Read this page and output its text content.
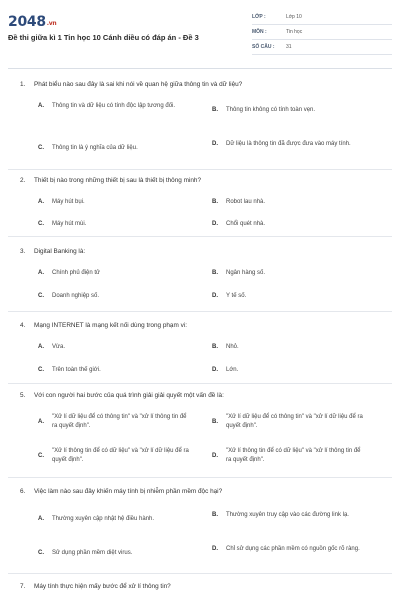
2048.vn
Đề thi giữa kì 1 Tin học 10 Cánh diều có đáp án - Đề 3
LỚP :	Lớp 10
MÔN :	Tin học
SỐ CÂU :	31
1.	Phát biểu nào sau đây là sai khi nói về quan hệ giữa thông tin và dữ liệu?
A.	Thông tin và dữ liệu có tính độc lập tương đối.
B.	Thông tin không có tính toàn vẹn.
C.	Thông tin là ý nghĩa của dữ liệu.
D.	Dữ liệu là thông tin đã được đưa vào máy tính.
2.	Thiết bị nào trong những thiết bị sau là thiết bị thông minh?
A.	Máy hút bụi.	B.	Robot lau nhà.
C.	Máy hút mùi.	D.	Chổi quét nhà.
3.	Digital Banking là:
A.	Chính phủ điện tử	B.	Ngân hàng số.
C.	Doanh nghiệp số.	D.	Y tế số.
4.	Mạng INTERNET là mạng kết nối dùng trong phạm vi:
A.	Vừa.	B.	Nhỏ.
C.	Trên toàn thế giới.	D.	Lớn.
5.	Với con người hai bước của quá trình giải giải quyết một vấn đề là:
A.
"Xử lí dữ liệu để có thông tin" và "xử lí thông tin để ra quyết định".
B.
"Xử lí dữ liệu để có thông tin" và "xử lí dữ liệu để ra quyết định".
C.
"Xử lí thông tin để có dữ liệu" và "xử lí dữ liệu để ra quyết định".
D.
"Xử lí thông tin để có dữ liệu" và "xử lí thông tin để ra quyết định".
6.	Việc làm nào sau đây khiến máy tính bị nhiễm phần mềm độc hại?
A.	Thường xuyên cập nhật hệ điều hành.
B.	Thường xuyên truy cập vào các đường link lạ.
C.	Sử dụng phần mềm diệt virus.
D.	Chỉ sử dụng các phần mềm có nguồn gốc rõ ràng.
7.	Máy tính thực hiện mấy bước để xử lí thông tin?
